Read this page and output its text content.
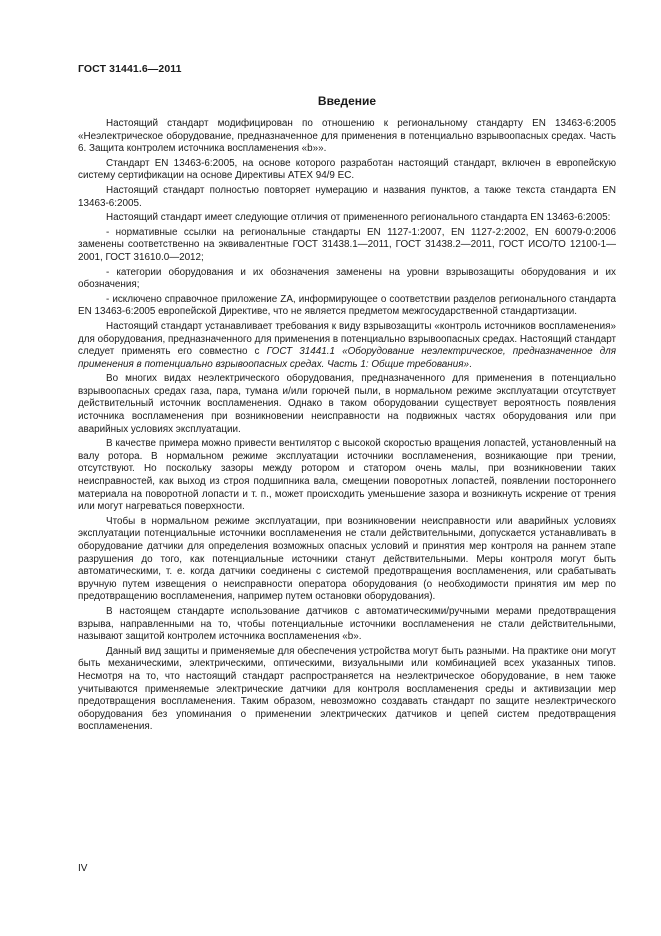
ГОСТ 31441.6—2011
Введение

Настоящий стандарт модифицирован по отношению к региональному стандарту EN 13463-6:2005 «Неэлектрическое оборудование, предназначенное для применения в потенциально взрывоопасных средах. Часть 6. Защита контролем источника воспламенения «b»».

Стандарт EN 13463-6:2005, на основе которого разработан настоящий стандарт, включен в европейскую систему сертификации на основе Директивы ATEX 94/9 ЕС.

Настоящий стандарт полностью повторяет нумерацию и названия пунктов, а также текста стандарта EN 13463-6:2005.

Настоящий стандарт имеет следующие отличия от примененного регионального стандарта EN 13463-6:2005:

- нормативные ссылки на региональные стандарты EN 1127-1:2007, EN 1127-2:2002, EN 60079-0:2006 заменены соответственно на эквивалентные ГОСТ 31438.1—2011, ГОСТ 31438.2—2011, ГОСТ ИСО/ТО 12100-1—2001, ГОСТ 31610.0—2012;

- категории оборудования и их обозначения заменены на уровни взрывозащиты оборудования и их обозначения;

- исключено справочное приложение ZA, информирующее о соответствии разделов регионального стандарта EN 13463-6:2005 европейской Директиве, что не является предметом межгосударственной стандартизации.

Настоящий стандарт устанавливает требования к виду взрывозащиты «контроль источников воспламенения» для оборудования, предназначенного для применения в потенциально взрывоопасных средах. Настоящий стандарт следует применять его совместно с ГОСТ 31441.1 «Оборудование неэлектрическое, предназначенное для применения в потенциально взрывоопасных средах. Часть 1: Общие требования».

Во многих видах неэлектрического оборудования, предназначенного для применения в потенциально взрывоопасных средах газа, пара, тумана и/или горючей пыли, в нормальном режиме эксплуатации отсутствует действительный источник воспламенения. Однако в таком оборудовании существует вероятность появления источника воспламенения при возникновении неисправности на подвижных частях оборудования или при аварийных условиях эксплуатации.

В качестве примера можно привести вентилятор с высокой скоростью вращения лопастей, установленный на валу ротора. В нормальном режиме эксплуатации источники воспламенения, возникающие при трении, отсутствуют. Но поскольку зазоры между ротором и статором очень малы, при возникновении таких неисправностей, как выход из строя подшипника вала, смещении поворотных лопастей, появлении постороннего материала на поворотной лопасти и т. п., может происходить уменьшение зазора и возникнуть искрение от трения или могут нагреваться поверхности.

Чтобы в нормальном режиме эксплуатации, при возникновении неисправности или аварийных условиях эксплуатации потенциальные источники воспламенения не стали действительными, допускается устанавливать в оборудование датчики для определения возможных опасных условий и принятия мер контроля на раннем этапе разрушения до того, как потенциальные источники станут действительными. Меры контроля могут быть автоматическими, т. е. когда датчики соединены с системой предотвращения воспламенения, или срабатывать вручную путем извещения о неисправности оператора оборудования (о необходимости принятия им мер по предотвращению воспламенения, например путем остановки оборудования).

В настоящем стандарте использование датчиков с автоматическими/ручными мерами предотвращения взрыва, направленными на то, чтобы потенциальные источники воспламенения не стали действительными, называют защитой контролем источника воспламенения «b».

Данный вид защиты и применяемые для обеспечения устройства могут быть разными. На практике они могут быть механическими, электрическими, оптическими, визуальными или комбинацией всех указанных типов. Несмотря на то, что настоящий стандарт распространяется на неэлектрическое оборудование, в нем также учитываются применяемые электрические датчики для контроля воспламенения среды и активизации мер предотвращения воспламенения. Таким образом, невозможно создавать стандарт по защите неэлектрического оборудования без упоминания о применении электрических датчиков и цепей систем предотвращения воспламенения.

IV
